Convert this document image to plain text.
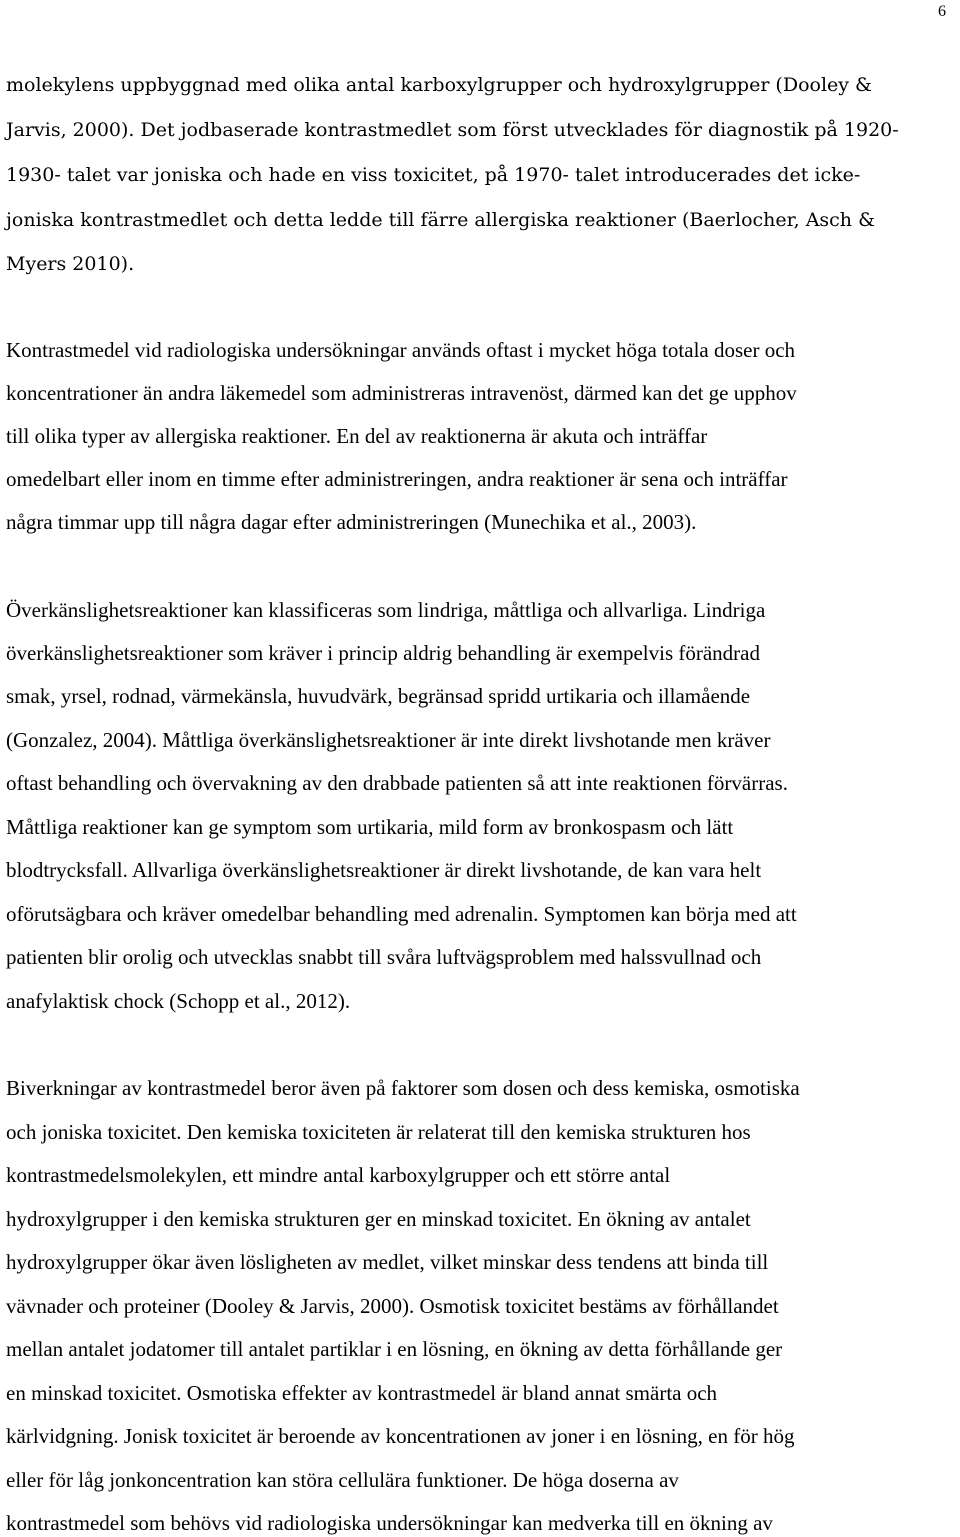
6
molekylens uppbyggnad med olika antal karboxylgrupper och hydroxylgrupper (Dooley &
Jarvis, 2000). Det jodbaserade kontrastmedlet som först utvecklades för diagnostik på 1920-
1930- talet var joniska och hade en viss toxicitet, på 1970- talet introducerades det icke-
joniska kontrastmedlet och detta ledde till färre allergiska reaktioner (Baerlocher, Asch &
Myers 2010).
Kontrastmedel vid radiologiska undersökningar används oftast i mycket höga totala doser och
koncentrationer än andra läkemedel som administreras intravenöst, därmed kan det ge upphov
till olika typer av allergiska reaktioner. En del av reaktionerna är akuta och inträffar
omedelbart eller inom en timme efter administreringen, andra reaktioner är sena och inträffar
några timmar upp till några dagar efter administreringen (Munechika et al., 2003).
Överkänslighetsreaktioner kan klassificeras som lindriga, måttliga och allvarliga. Lindriga
överkänslighetsreaktioner som kräver i princip aldrig behandling är exempelvis förändrad
smak, yrsel, rodnad, värmekänsla, huvudvärk, begränsad spridd urtikaria och illamående
(Gonzalez, 2004). Måttliga överkänslighetsreaktioner är inte direkt livshotande men kräver
oftast behandling och övervakning av den drabbade patienten så att inte reaktionen förvärras.
Måttliga reaktioner kan ge symptom som urtikaria, mild form av bronkospasm och lätt
blodtrycksfall. Allvarliga överkänslighetsreaktioner är direkt livshotande, de kan vara helt
oförutsägbara och kräver omedelbar behandling med adrenalin. Symptomen kan börja med att
patienten blir orolig och utvecklas snabbt till svåra luftvägsproblem med halssvullnad och
anafylaktisk chock (Schopp et al., 2012).
Biverkningar av kontrastmedel beror även på faktorer som dosen och dess kemiska, osmotiska
och joniska toxicitet. Den kemiska toxiciteten är relaterat till den kemiska strukturen hos
kontrastmedelsmolekylen, ett mindre antal karboxylgrupper och ett större antal
hydroxylgrupper i den kemiska strukturen ger en minskad toxicitet. En ökning av antalet
hydroxylgrupper ökar även lösligheten av medlet, vilket minskar dess tendens att binda till
vävnader och proteiner (Dooley & Jarvis, 2000). Osmotisk toxicitet bestäms av förhållandet
mellan antalet jodatomer till antalet partiklar i en lösning, en ökning av detta förhållande ger
en minskad toxicitet. Osmotiska effekter av kontrastmedel är bland annat smärta och
kärlvidgning. Jonisk toxicitet är beroende av koncentrationen av joner i en lösning, en för hög
eller för låg jonkoncentration kan störa cellulära funktioner. De höga doserna av
kontrastmedel som behövs vid radiologiska undersökningar kan medverka till en ökning av
